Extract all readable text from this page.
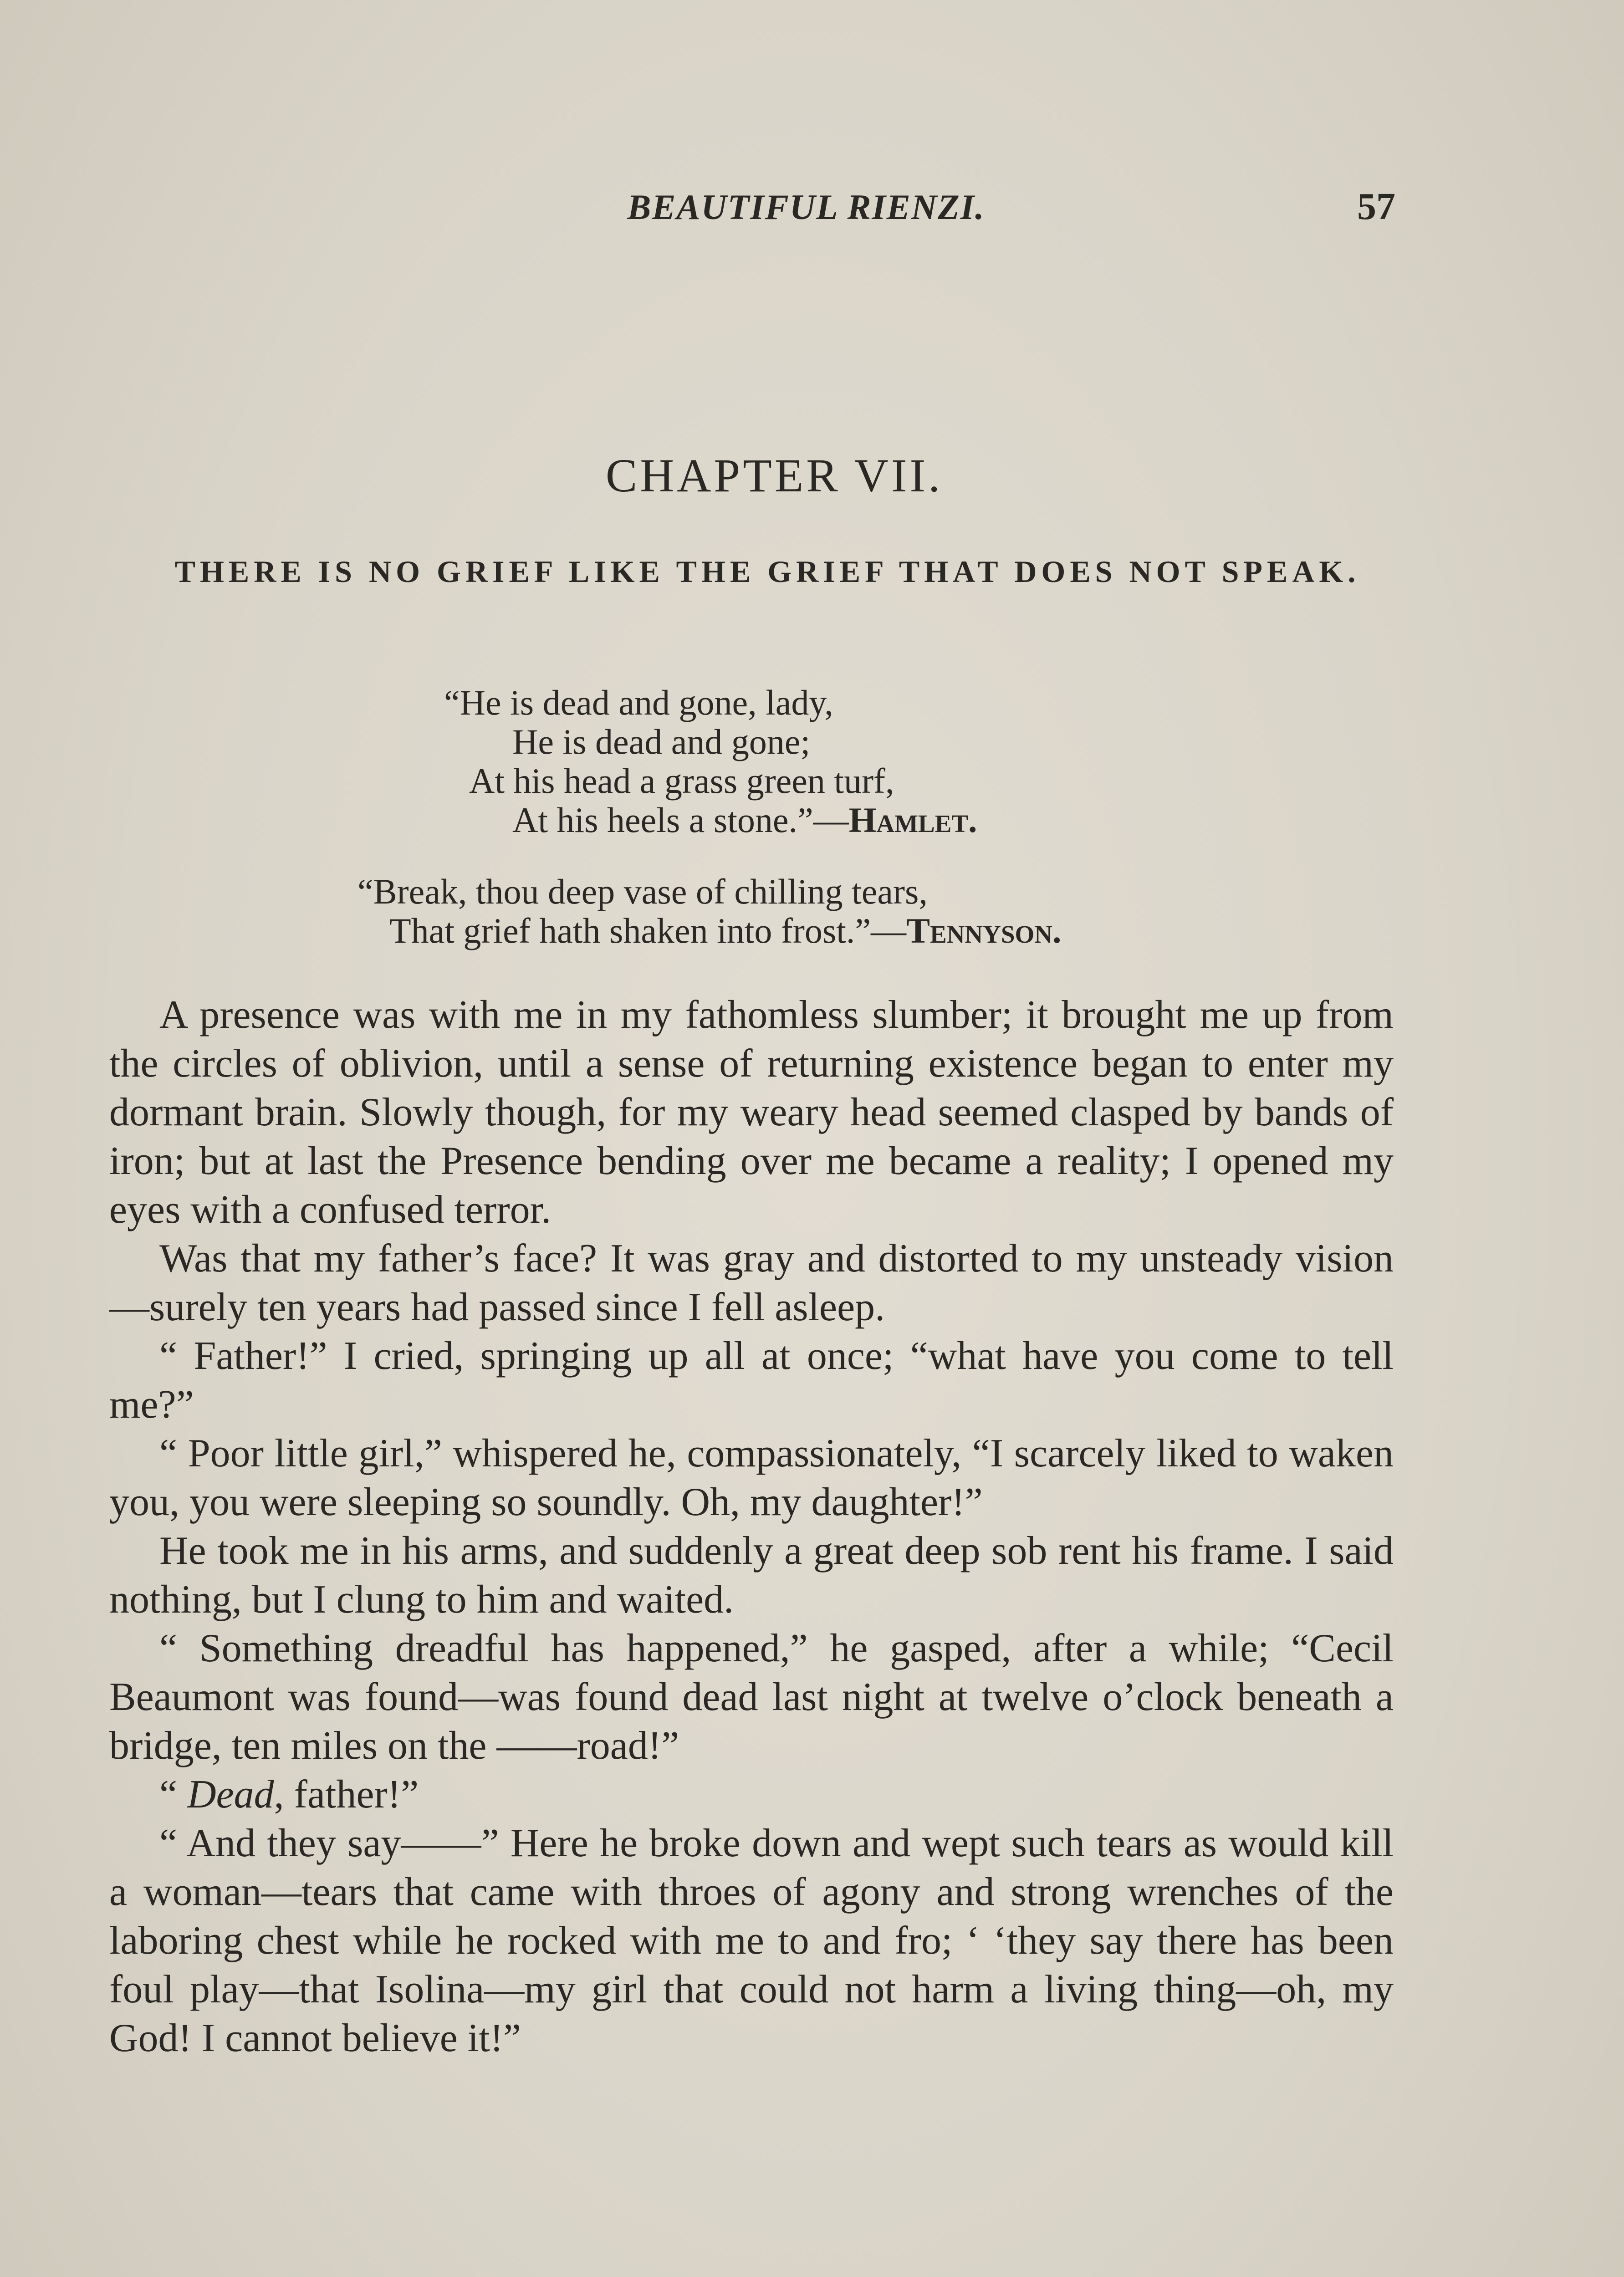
BEAUTIFUL RIENZI.	57
CHAPTER VII.
THERE IS NO GRIEF LIKE THE GRIEF THAT DOES NOT SPEAK.
“He is dead and gone, lady,
He is dead and gone;
At his head a grass green turf,
At his heels a stone.”—Hamlet.
“Break, thou deep vase of chilling tears,
That grief hath shaken into frost.”—Tennyson.

A presence was with me in my fathomless slumber; it brought me up from the circles of oblivion, until a sense of returning existence began to enter my dormant brain. Slowly though, for my weary head seemed clasped by bands of iron; but at last the Presence bending over me became a reality; I opened my eyes with a confused terror.

Was that my father’s face? It was gray and distorted to my unsteady vision—surely ten years had passed since I fell asleep.

“ Father!” I cried, springing up all at once; “what have you come to tell me?”

“ Poor little girl,” whispered he, compassionately, “I scarcely liked to waken you, you were sleeping so soundly. Oh, my daughter!”

He took me in his arms, and suddenly a great deep sob rent his frame. I said nothing, but I clung to him and waited.

“ Something dreadful has happened,” he gasped, after a while; “Cecil Beaumont was found—was found dead last night at twelve o’clock beneath a bridge, ten miles on the ——road!”

“ Dead, father!”

“ And they say——” Here he broke down and wept such tears as would kill a woman—tears that came with throes of agony and strong wrenches of the laboring chest while he rocked with me to and fro; ‘ ‘they say there has been foul play—that Isolina—my girl that could not harm a living thing—oh, my God! I cannot believe it!”
